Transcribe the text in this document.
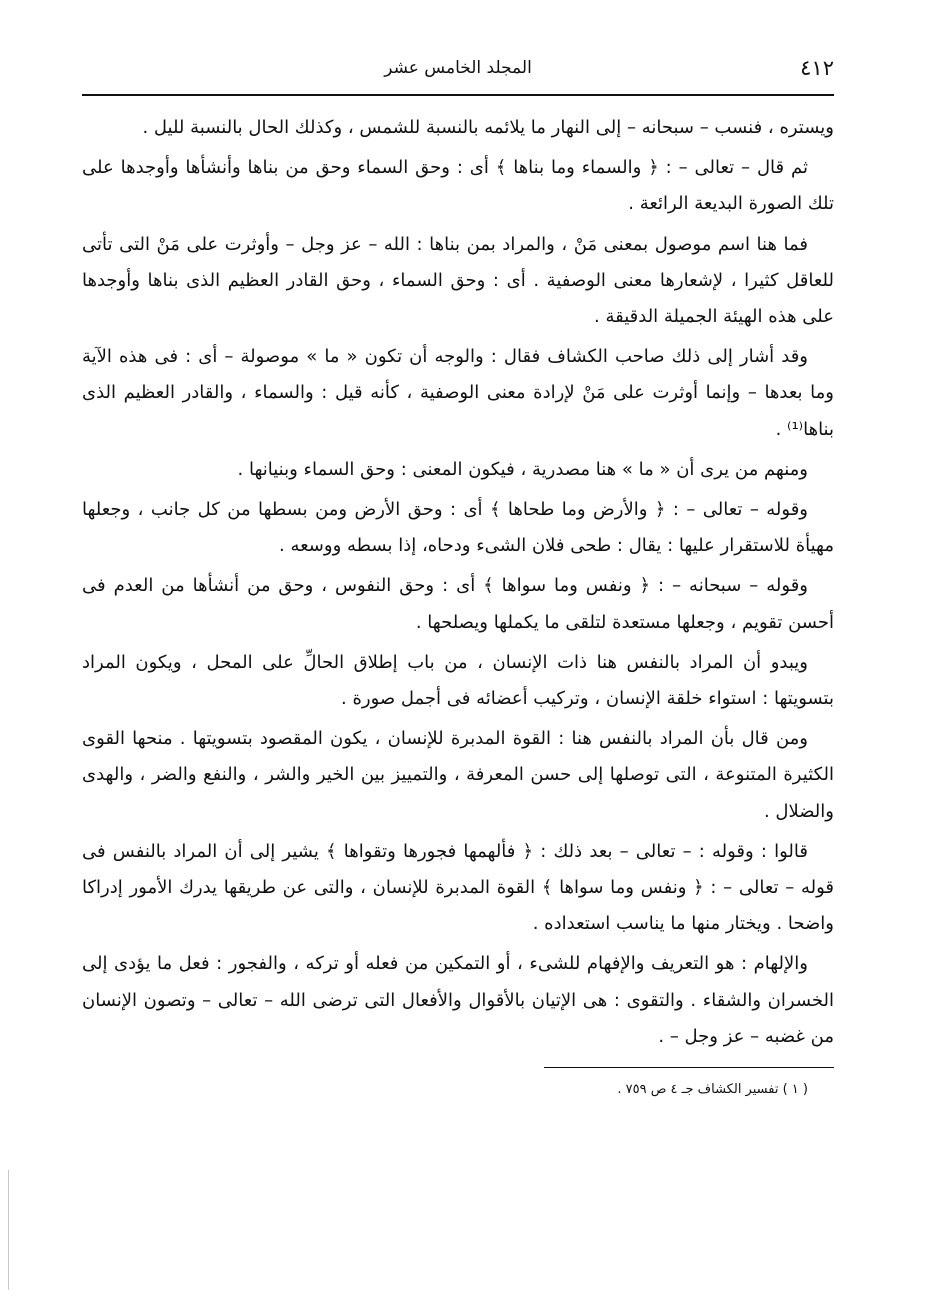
٤١٢
المجلد الخامس عشر

ويستره ، فنسب – سبحانه – إلى النهار ما يلائمه بالنسبة للشمس ، وكذلك الحال بالنسبة لليل .

ثم قال – تعالى – : ﴿ والسماء وما بناها ﴾ أى : وحق السماء وحق من بناها وأنشأها وأوجدها على تلك الصورة البديعة الرائعة .

فما هنا اسم موصول بمعنى مَنْ ، والمراد بمن بناها : الله – عز وجل – وأوثرت على مَنْ التى تأتى للعاقل كثيرا ، لإشعارها معنى الوصفية . أى : وحق السماء ، وحق القادر العظيم الذى بناها وأوجدها على هذه الهيئة الجميلة الدقيقة .

وقد أشار إلى ذلك صاحب الكشاف فقال : والوجه أن تكون « ما » موصولة – أى : فى هذه الآية وما بعدها – وإنما أوثرت على مَنْ لإرادة معنى الوصفية ، كأنه قيل : والسماء ، والقادر العظيم الذى بناها⁽¹⁾ .

ومنهم من يرى أن « ما » هنا مصدرية ، فيكون المعنى : وحق السماء وبنيانها .

وقوله – تعالى – : ﴿ والأرض وما طحاها ﴾ أى : وحق الأرض ومن بسطها من كل جانب ، وجعلها مهيأة للاستقرار عليها : يقال : طحى فلان الشىء ودحاه، إذا بسطه ووسعه .

وقوله – سبحانه – : ﴿ ونفس وما سواها ﴾ أى : وحق النفوس ، وحق من أنشأها من العدم فى أحسن تقويم ، وجعلها مستعدة لتلقى ما يكملها ويصلحها .

ويبدو أن المراد بالنفس هنا ذات الإنسان ، من باب إطلاق الحالِّ على المحل ، ويكون المراد بتسويتها : استواء خلقة الإنسان ، وتركيب أعضائه فى أجمل صورة .

ومن قال بأن المراد بالنفس هنا : القوة المدبرة للإنسان ، يكون المقصود بتسويتها . منحها القوى الكثيرة المتنوعة ، التى توصلها إلى حسن المعرفة ، والتمييز بين الخير والشر ، والنفع والضر ، والهدى والضلال .

قالوا : وقوله : – تعالى – بعد ذلك : ﴿ فألهمها فجورها وتقواها ﴾ يشير إلى أن المراد بالنفس فى قوله – تعالى – : ﴿ ونفس وما سواها ﴾ القوة المدبرة للإنسان ، والتى عن طريقها يدرك الأمور إدراكا واضحا . ويختار منها ما يناسب استعداده .

والإلهام : هو التعريف والإفهام للشىء ، أو التمكين من فعله أو تركه ، والفجور : فعل ما يؤدى إلى الخسران والشقاء . والتقوى : هى الإتيان بالأقوال والأفعال التى ترضى الله – تعالى – وتصون الإنسان من غضبه – عز وجل – .

( ١ ) تفسير الكشاف جـ ٤ ص ٧٥٩ .
